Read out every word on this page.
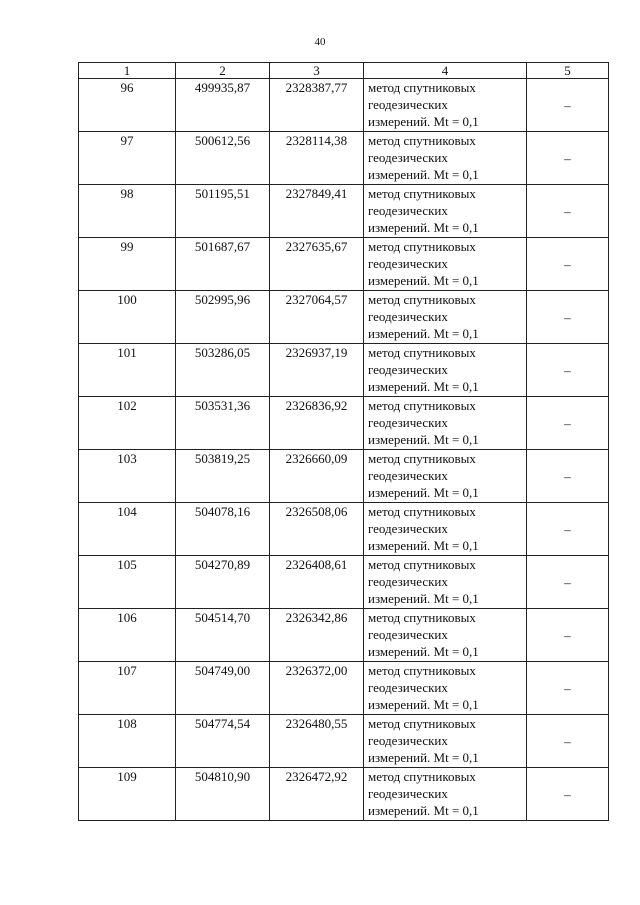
40
1	2	3	4	5
96	499935,87	2328387,77	метод спутниковых
геодезических
измерений. Mt = 0,1	–
97	500612,56	2328114,38	метод спутниковых
геодезических
измерений. Mt = 0,1	–
98	501195,51	2327849,41	метод спутниковых
геодезических
измерений. Mt = 0,1	–
99	501687,67	2327635,67	метод спутниковых
геодезических
измерений. Mt = 0,1	–
100	502995,96	2327064,57	метод спутниковых
геодезических
измерений. Mt = 0,1	–
101	503286,05	2326937,19	метод спутниковых
геодезических
измерений. Mt = 0,1	–
102	503531,36	2326836,92	метод спутниковых
геодезических
измерений. Mt = 0,1	–
103	503819,25	2326660,09	метод спутниковых
геодезических
измерений. Mt = 0,1	–
104	504078,16	2326508,06	метод спутниковых
геодезических
измерений. Mt = 0,1	–
105	504270,89	2326408,61	метод спутниковых
геодезических
измерений. Mt = 0,1	–
106	504514,70	2326342,86	метод спутниковых
геодезических
измерений. Mt = 0,1	–
107	504749,00	2326372,00	метод спутниковых
геодезических
измерений. Mt = 0,1	–
108	504774,54	2326480,55	метод спутниковых
геодезических
измерений. Mt = 0,1	–
109	504810,90	2326472,92	метод спутниковых
геодезических
измерений. Mt = 0,1	–
